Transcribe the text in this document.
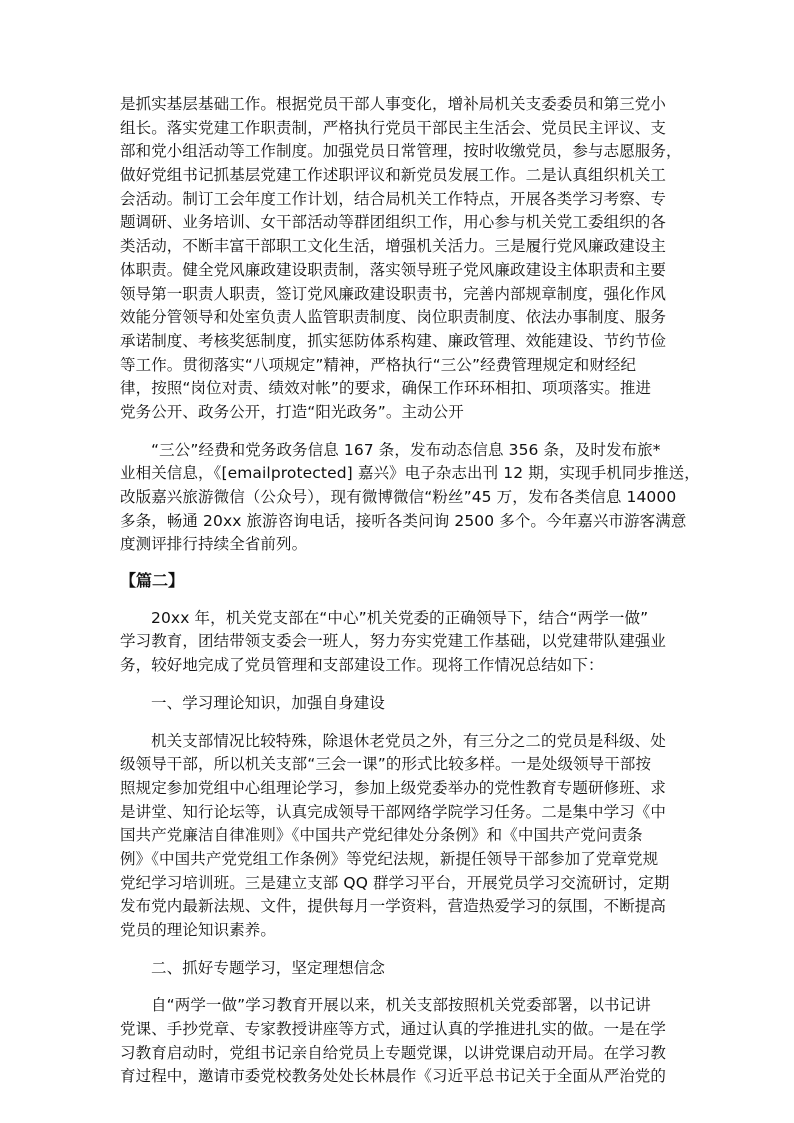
是抓实基层基础工作。根据党员干部人事变化，增补局机关支委委员和第三党小
组长。落实党建工作职责制，严格执行党员干部民主生活会、党员民主评议、支
部和党小组活动等工作制度。加强党员日常管理，按时收缴党员，参与志愿服务，
做好党组书记抓基层党建工作述职评议和新党员发展工作。二是认真组织机关工
会活动。制订工会年度工作计划，结合局机关工作特点，开展各类学习考察、专
题调研、业务培训、女干部活动等群团组织工作，用心参与机关党工委组织的各
类活动，不断丰富干部职工文化生活，增强机关活力。三是履行党风廉政建设主
体职责。健全党风廉政建设职责制，落实领导班子党风廉政建设主体职责和主要
领导第一职责人职责，签订党风廉政建设职责书，完善内部规章制度，强化作风
效能分管领导和处室负责人监管职责制度、岗位职责制度、依法办事制度、服务
承诺制度、考核奖惩制度，抓实惩防体系构建、廉政管理、效能建设、节约节俭
等工作。贯彻落实“八项规定”精神，严格执行“三公”经费管理规定和财经纪
律，按照“岗位对责、绩效对帐”的要求，确保工作环环相扣、项项落实。推进
党务公开、政务公开，打造“阳光政务”。主动公开
“三公”经费和党务政务信息 167 条，发布动态信息 356 条，及时发布旅*
业相关信息，《[emailprotected] 嘉兴》电子杂志出刊 12 期，实现手机同步推送，
改版嘉兴旅游微信（公众号），现有微博微信“粉丝”45 万，发布各类信息 14000
多条，畅通 20xx 旅游咨询电话，接听各类问询 2500 多个。今年嘉兴市游客满意
度测评排行持续全省前列。
【篇二】
20xx 年，机关党支部在“中心”机关党委的正确领导下，结合“两学一做”
学习教育，团结带领支委会一班人，努力夯实党建工作基础，以党建带队建强业
务，较好地完成了党员管理和支部建设工作。现将工作情况总结如下：
一、学习理论知识，加强自身建设
机关支部情况比较特殊，除退休老党员之外，有三分之二的党员是科级、处
级领导干部，所以机关支部“三会一课”的形式比较多样。一是处级领导干部按
照规定参加党组中心组理论学习，参加上级党委举办的党性教育专题研修班、求
是讲堂、知行论坛等，认真完成领导干部网络学院学习任务。二是集中学习《中
国共产党廉洁自律准则》《中国共产党纪律处分条例》和《中国共产党问责条
例》《中国共产党党组工作条例》等党纪法规，新提任领导干部参加了党章党规
党纪学习培训班。三是建立支部 QQ 群学习平台，开展党员学习交流研讨，定期
发布党内最新法规、文件，提供每月一学资料，营造热爱学习的氛围，不断提高
党员的理论知识素养。
二、抓好专题学习，坚定理想信念
自“两学一做”学习教育开展以来，机关支部按照机关党委部署，以书记讲
党课、手抄党章、专家教授讲座等方式，通过认真的学推进扎实的做。一是在学
习教育启动时，党组书记亲自给党员上专题党课，以讲党课启动开局。在学习教
育过程中，邀请市委党校教务处处长林晨作《习近平总书记关于全面从严治党的
